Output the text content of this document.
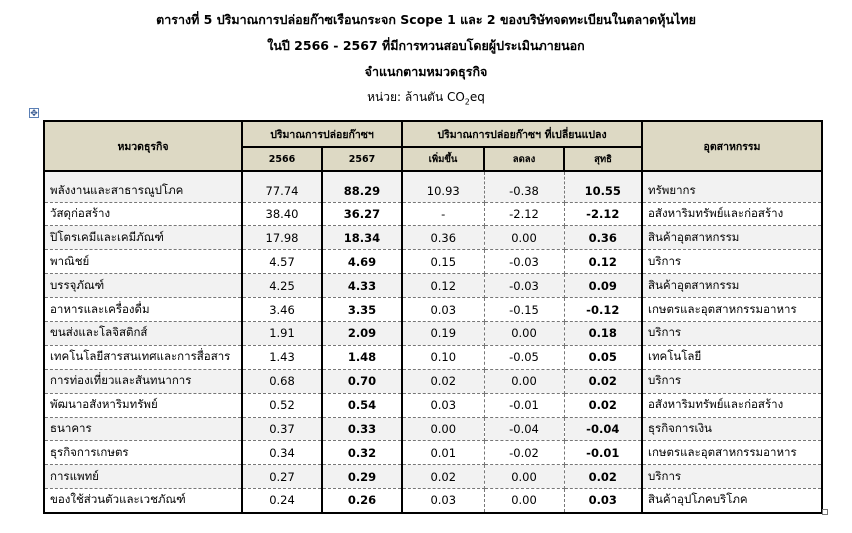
ตารางที่ 5 ปริมาณการปล่อยก๊าซเรือนกระจก Scope 1 และ 2 ของบริษัทจดทะเบียนในตลาดหุ้นไทย
ในปี 2566 - 2567 ที่มีการทวนสอบโดยผู้ประเมินภายนอก
จำแนกตามหมวดธุรกิจ
หน่วย: ล้านตัน $CO_2eq$
✥
หมวดธุรกิจ	ปริมาณการปล่อยก๊าซฯ		ปริมาณการปล่อยก๊าซฯ ที่เปลี่ยนแปลง			อุตสาหกรรม
	2566	2567	เพิ่มขึ้น	ลดลง	สุทธิ	
พลังงานและสาธารณูปโภค	77.74	88.29	10.93	-0.38	10.55	ทรัพยากร
วัสดุก่อสร้าง	38.40	36.27	-	-2.12	-2.12	อสังหาริมทรัพย์และก่อสร้าง
ปิโตรเคมีและเคมีภัณฑ์	17.98	18.34	0.36	0.00	0.36	สินค้าอุตสาหกรรม
พาณิชย์	4.57	4.69	0.15	-0.03	0.12	บริการ
บรรจุภัณฑ์	4.25	4.33	0.12	-0.03	0.09	สินค้าอุตสาหกรรม
อาหารและเครื่องดื่ม	3.46	3.35	0.03	-0.15	-0.12	เกษตรและอุตสาหกรรมอาหาร
ขนส่งและโลจิสติกส์	1.91	2.09	0.19	0.00	0.18	บริการ
เทคโนโลยีสารสนเทศและการสื่อสาร	1.43	1.48	0.10	-0.05	0.05	เทคโนโลยี
การท่องเที่ยวและสันทนาการ	0.68	0.70	0.02	0.00	0.02	บริการ
พัฒนาอสังหาริมทรัพย์	0.52	0.54	0.03	-0.01	0.02	อสังหาริมทรัพย์และก่อสร้าง
ธนาคาร	0.37	0.33	0.00	-0.04	-0.04	ธุรกิจการเงิน
ธุรกิจการเกษตร	0.34	0.32	0.01	-0.02	-0.01	เกษตรและอุตสาหกรรมอาหาร
การแพทย์	0.27	0.29	0.02	0.00	0.02	บริการ
ของใช้ส่วนตัวและเวชภัณฑ์	0.24	0.26	0.03	0.00	0.03	สินค้าอุปโภคบริโภค
